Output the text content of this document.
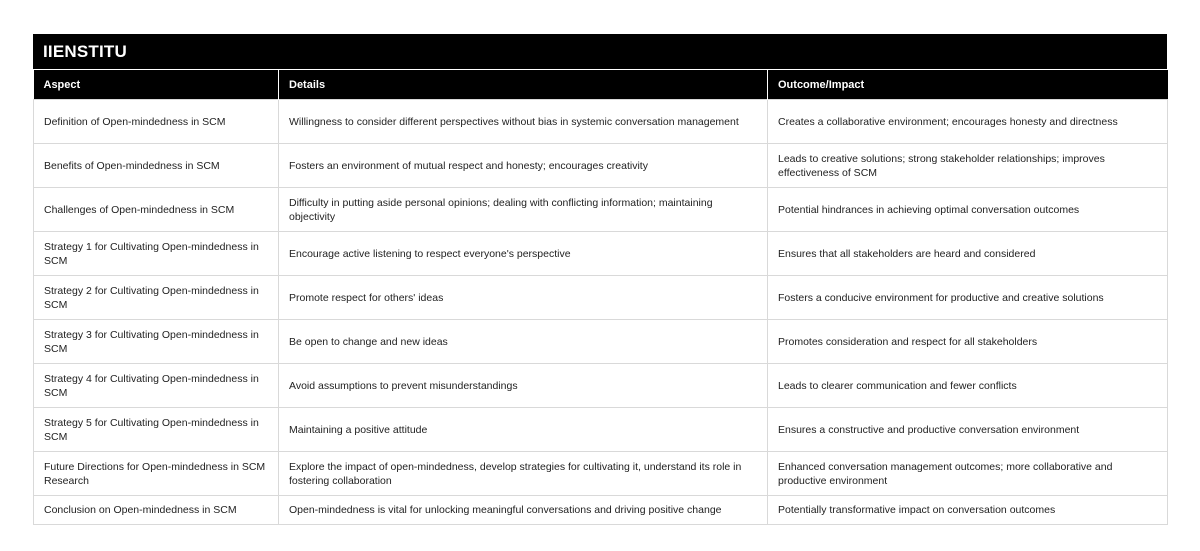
IIENSTITU
Aspect	Details	Outcome/Impact
Definition of Open-mindedness in SCM	Willingness to consider different perspectives without bias in systemic conversation management	Creates a collaborative environment; encourages honesty and directness
Benefits of Open-mindedness in SCM	Fosters an environment of mutual respect and honesty; encourages creativity	Leads to creative solutions; strong stakeholder relationships; improves effectiveness of SCM
Challenges of Open-mindedness in SCM	Difficulty in putting aside personal opinions; dealing with conflicting information; maintaining objectivity	Potential hindrances in achieving optimal conversation outcomes
Strategy 1 for Cultivating Open-mindedness in SCM	Encourage active listening to respect everyone's perspective	Ensures that all stakeholders are heard and considered
Strategy 2 for Cultivating Open-mindedness in SCM	Promote respect for others' ideas	Fosters a conducive environment for productive and creative solutions
Strategy 3 for Cultivating Open-mindedness in SCM	Be open to change and new ideas	Promotes consideration and respect for all stakeholders
Strategy 4 for Cultivating Open-mindedness in SCM	Avoid assumptions to prevent misunderstandings	Leads to clearer communication and fewer conflicts
Strategy 5 for Cultivating Open-mindedness in SCM	Maintaining a positive attitude	Ensures a constructive and productive conversation environment
Future Directions for Open-mindedness in SCM Research	Explore the impact of open-mindedness, develop strategies for cultivating it, understand its role in fostering collaboration	Enhanced conversation management outcomes; more collaborative and productive environment
Conclusion on Open-mindedness in SCM	Open-mindedness is vital for unlocking meaningful conversations and driving positive change	Potentially transformative impact on conversation outcomes
